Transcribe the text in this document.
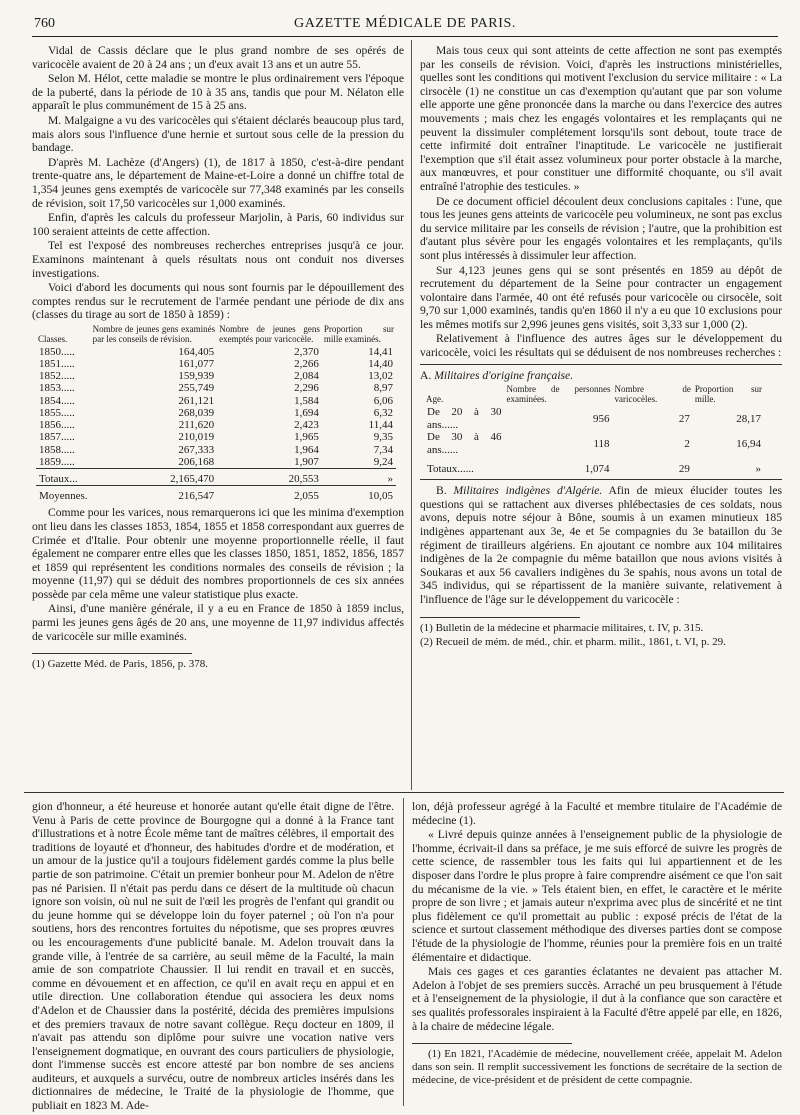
760	GAZETTE MÉDICALE DE PARIS.

Vidal de Cassis déclare que le plus grand nombre de ses opérés de varicocèle avaient de 20 à 24 ans ; un d'eux avait 13 ans et un autre 55.

Selon M. Hélot, cette maladie se montre le plus ordinairement vers l'époque de la puberté, dans la période de 10 à 35 ans, tandis que pour M. Nélaton elle apparaît le plus communément de 15 à 25 ans.

M. Malgaigne a vu des varicocèles qui s'étaient déclarés beaucoup plus tard, mais alors sous l'influence d'une hernie et surtout sous celle de la pression du bandage.

D'après M. Lachèze (d'Angers) (1), de 1817 à 1850, c'est-à-dire pendant trente-quatre ans, le département de Maine-et-Loire a donné un chiffre total de 1,354 jeunes gens exemptés de varicocèle sur 77,348 examinés par les conseils de révision, soit 17,50 varicocèles sur 1,000 examinés.

Enfin, d'après les calculs du professeur Marjolin, à Paris, 60 individus sur 100 seraient atteints de cette affection.

Tel est l'exposé des nombreuses recherches entreprises jusqu'à ce jour. Examinons maintenant à quels résultats nous ont conduit nos diverses investigations.

Voici d'abord les documents qui nous sont fournis par le dépouillement des comptes rendus sur le recrutement de l'armée pendant une période de dix ans (classes du tirage au sort de 1850 à 1859) :

Classes.	Nombre de jeunes gens examinés par les conseils de révision.	Nombre de jeunes gens exemptés pour varicocèle.	Proportion sur mille examinés.
1850.....	164,405	2,370	14,41
1851.....	161,077	2,266	14,40
1852.....	159,939	2,084	13,02
1853.....	255,749	2,296	8,97
1854.....	261,121	1,584	6,06
1855.....	268,039	1,694	6,32
1856.....	211,620	2,423	11,44
1857.....	210,019	1,965	9,35
1858.....	267,333	1,964	7,34
1859.....	206,168	1,907	9,24
Totaux...	2,165,470	20,553	»
Moyennes.	216,547	2,055	10,05

Comme pour les varices, nous remarquerons ici que les minima d'exemption ont lieu dans les classes 1853, 1854, 1855 et 1858 correspondant aux guerres de Crimée et d'Italie. Pour obtenir une moyenne proportionnelle réelle, il faut également ne comparer entre elles que les classes 1850, 1851, 1852, 1856, 1857 et 1859 qui représentent les conditions normales des conseils de révision ; la moyenne (11,97) qui se déduit des nombres proportionnels de ces six années possède par cela même une valeur statistique plus exacte.

Ainsi, d'une manière générale, il y a eu en France de 1850 à 1859 inclus, parmi les jeunes gens âgés de 20 ans, une moyenne de 11,97 individus affectés de varicocèle sur mille examinés.

(1) Gazette Méd. de Paris, 1856, p. 378.

Mais tous ceux qui sont atteints de cette affection ne sont pas exemptés par les conseils de révision. Voici, d'après les instructions ministérielles, quelles sont les conditions qui motivent l'exclusion du service militaire : « La cirsocèle (1) ne constitue un cas d'exemption qu'autant que par son volume elle apporte une gêne prononcée dans la marche ou dans l'exercice des autres mouvements ; mais chez les engagés volontaires et les remplaçants qui ne peuvent la dissimuler complétement lorsqu'ils sont debout, toute trace de cette infirmité doit entraîner l'inaptitude. Le varicocèle ne justifierait l'exemption que s'il était assez volumineux pour porter obstacle à la marche, aux manœuvres, et pour constituer une difformité choquante, ou s'il avait entraîné l'atrophie des testicules. »

De ce document officiel découlent deux conclusions capitales : l'une, que tous les jeunes gens atteints de varicocèle peu volumineux, ne sont pas exclus du service militaire par les conseils de révision ; l'autre, que la prohibition est d'autant plus sévère pour les engagés volontaires et les remplaçants, qu'ils sont plus intéressés à dissimuler leur affection.

Sur 4,123 jeunes gens qui se sont présentés en 1859 au dépôt de recrutement du département de la Seine pour contracter un engagement volontaire dans l'armée, 40 ont été refusés pour varicocèle ou cirsocèle, soit 9,70 sur 1,000 examinés, tandis qu'en 1860 il n'y a eu que 10 exclusions pour les mêmes motifs sur 2,996 jeunes gens visités, soit 3,33 sur 1,000 (2).

Relativement à l'influence des autres âges sur le développement du varicocèle, voici les résultats qui se déduisent de nos nombreuses recherches :

A. Militaires d'origine française.

Age.	Nombre de personnes examinées.	Nombre de varicocèles.	Proportion sur mille.
De 20 à 30 ans......	956	27	28,17
De 30 à 46 ans......	118	2	16,94
Totaux......	1,074	29	»

B. Militaires indigènes d'Algérie. Afin de mieux élucider toutes les questions qui se rattachent aux diverses phlébectasies de ces soldats, nous avons, depuis notre séjour à Bône, soumis à un examen minutieux 185 indigènes appartenant aux 3e, 4e et 5e compagnies du 3e bataillon du 3e régiment de tirailleurs algériens. En ajoutant ce nombre aux 104 militaires indigènes de la 2e compagnie du même bataillon que nous avions visités à Soukaras et aux 56 cavaliers indigènes du 3e spahis, nous avons un total de 345 individus, qui se répartissent de la manière suivante, relativement à l'influence de l'âge sur le développement du varicocèle :

(1) Bulletin de la médecine et pharmacie militaires, t. IV, p. 315.

(2) Recueil de mém. de méd., chir. et pharm. milit., 1861, t. VI, p. 29.

gion d'honneur, a été heureuse et honorée autant qu'elle était digne de l'être. Venu à Paris de cette province de Bourgogne qui a donné à la France tant d'illustrations et à notre École même tant de maîtres célèbres, il emportait des traditions de loyauté et d'honneur, des habitudes d'ordre et de modération, et un amour de la justice qu'il a toujours fidèlement gardés comme la plus belle partie de son patrimoine. C'était un premier bonheur pour M. Adelon de n'être pas né Parisien. Il n'était pas perdu dans ce désert de la multitude où chacun ignore son voisin, où nul ne suit de l'œil les progrès de l'enfant qui grandit ou du jeune homme qui se développe loin du foyer paternel ; où l'on n'a pour soutiens, hors des rencontres fortuites du népotisme, que ses propres œuvres ou les encouragements d'une publicité banale. M. Adelon trouvait dans la grande ville, à l'entrée de sa carrière, au seuil même de la Faculté, la main amie de son compatriote Chaussier. Il lui rendit en travail et en succès, comme en dévouement et en affection, ce qu'il en avait reçu en appui et en utile direction. Une collaboration étendue qui associera les deux noms d'Adelon et de Chaussier dans la postérité, décida des premières impulsions et des premiers travaux de notre savant collègue. Reçu docteur en 1809, il n'avait pas attendu son diplôme pour suivre une vocation native vers l'enseignement dogmatique, en ouvrant des cours particuliers de physiologie, dont l'immense succès est encore attesté par bon nombre de ses anciens auditeurs, et auxquels a survécu, outre de nombreux articles insérés dans les dictionnaires de médecine, le Traité de la physiologie de l'homme, que publiait en 1823 M. Ade-

lon, déjà professeur agrégé à la Faculté et membre titulaire de l'Académie de médecine (1).

« Livré depuis quinze années à l'enseignement public de la physiologie de l'homme, écrivait-il dans sa préface, je me suis efforcé de suivre les progrès de cette science, de rassembler tous les faits qui lui appartiennent et de les disposer dans l'ordre le plus propre à faire comprendre aisément ce que l'on sait du mécanisme de la vie. » Tels étaient bien, en effet, le caractère et le mérite propre de son livre ; et jamais auteur n'exprima avec plus de sincérité et ne tint plus fidèlement ce qu'il promettait au public : exposé précis de l'état de la science et surtout classement méthodique des diverses parties dont se compose l'étude de la physiologie de l'homme, réunies pour la première fois en un traité élémentaire et didactique.

Mais ces gages et ces garanties éclatantes ne devaient pas attacher M. Adelon à l'objet de ses premiers succès. Arraché un peu brusquement à l'étude et à l'enseignement de la physiologie, il dut à la confiance que son caractère et ses qualités professorales inspiraient à la Faculté d'être appelé par elle, en 1826, à la chaire de médecine légale.

(1) En 1821, l'Académie de médecine, nouvellement créée, appelait M. Adelon dans son sein. Il remplit successivement les fonctions de secrétaire de la section de médecine, de vice-président et de président de cette compagnie.
